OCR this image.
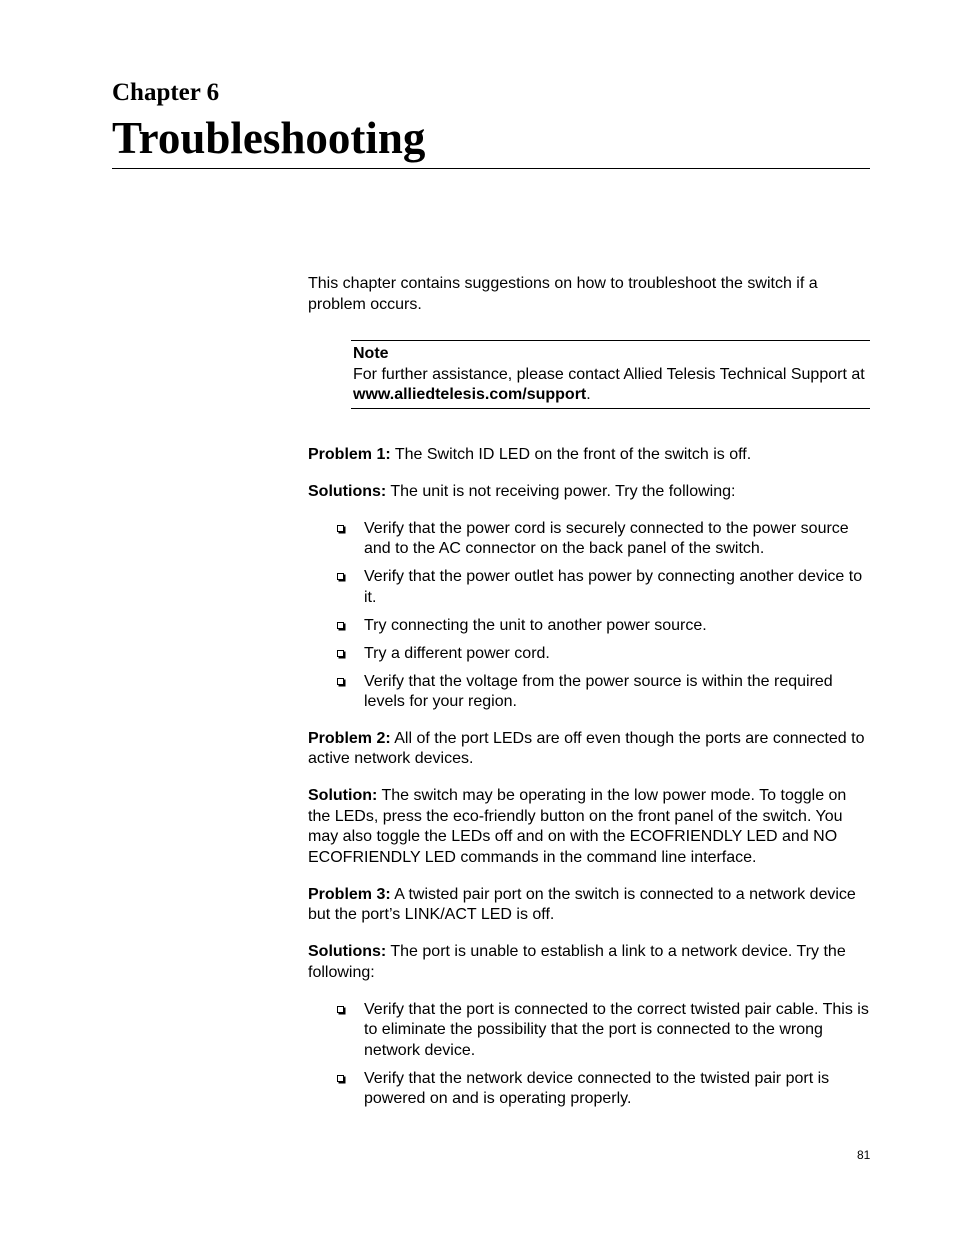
Chapter 6
Troubleshooting

This chapter contains suggestions on how to troubleshoot the switch if a problem occurs.

Note
For further assistance, please contact Allied Telesis Technical Support at www.alliedtelesis.com/support.

Problem 1: The Switch ID LED on the front of the switch is off.

Solutions: The unit is not receiving power. Try the following:

Verify that the power cord is securely connected to the power source and to the AC connector on the back panel of the switch.
Verify that the power outlet has power by connecting another device to it.
Try connecting the unit to another power source.
Try a different power cord.
Verify that the voltage from the power source is within the required levels for your region.

Problem 2: All of the port LEDs are off even though the ports are connected to active network devices.

Solution: The switch may be operating in the low power mode. To toggle on the LEDs, press the eco-friendly button on the front panel of the switch. You may also toggle the LEDs off and on with the ECOFRIENDLY LED and NO ECOFRIENDLY LED commands in the command line interface.

Problem 3: A twisted pair port on the switch is connected to a network device but the port’s LINK/ACT LED is off.

Solutions: The port is unable to establish a link to a network device. Try the following:

Verify that the port is connected to the correct twisted pair cable. This is to eliminate the possibility that the port is connected to the wrong network device.
Verify that the network device connected to the twisted pair port is powered on and is operating properly.
81
